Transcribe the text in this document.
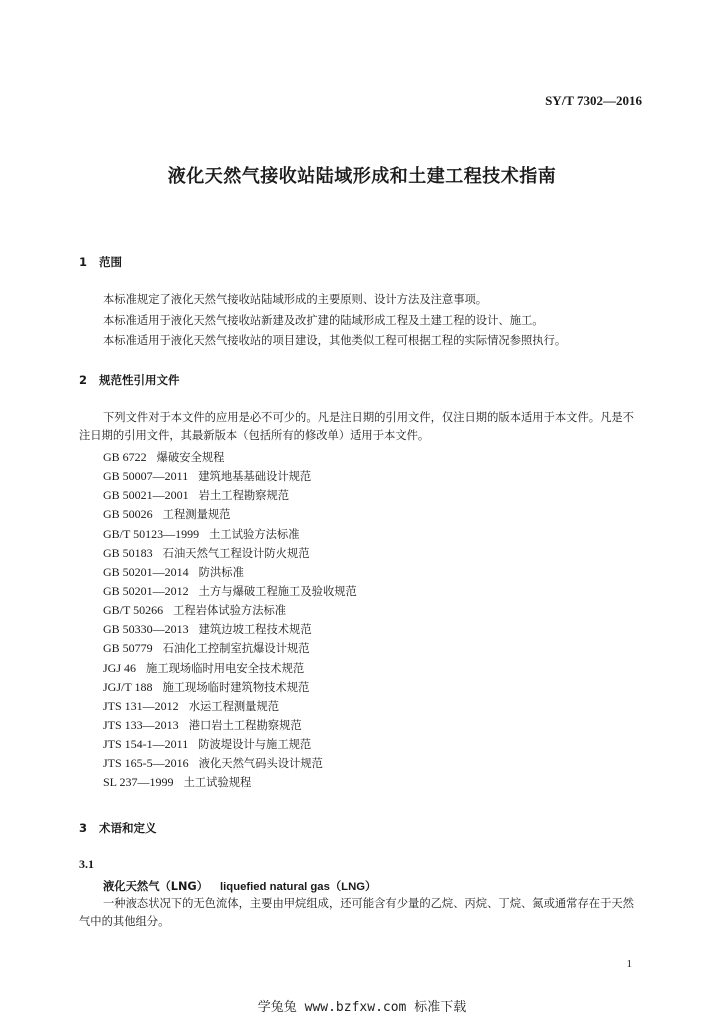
SY/T 7302—2016
液化天然气接收站陆域形成和土建工程技术指南
1 范围

本标准规定了液化天然气接收站陆域形成的主要原则、设计方法及注意事项。

本标准适用于液化天然气接收站新建及改扩建的陆域形成工程及土建工程的设计、施工。

本标准适用于液化天然气接收站的项目建设，其他类似工程可根据工程的实际情况参照执行。

2 规范性引用文件

下列文件对于本文件的应用是必不可少的。凡是注日期的引用文件，仅注日期的版本适用于本文件。凡是不注日期的引用文件，其最新版本（包括所有的修改单）适用于本文件。

GB 6722 爆破安全规程
GB 50007—2011 建筑地基基础设计规范
GB 50021—2001 岩土工程勘察规范
GB 50026 工程测量规范
GB/T 50123—1999 土工试验方法标准
GB 50183 石油天然气工程设计防火规范
GB 50201—2014 防洪标准
GB 50201—2012 土方与爆破工程施工及验收规范
GB/T 50266 工程岩体试验方法标准
GB 50330—2013 建筑边坡工程技术规范
GB 50779 石油化工控制室抗爆设计规范
JGJ 46 施工现场临时用电安全技术规范
JGJ/T 188 施工现场临时建筑物技术规范
JTS 131—2012 水运工程测量规范
JTS 133—2013 港口岩土工程勘察规范
JTS 154-1—2011 防波堤设计与施工规范
JTS 165-5—2016 液化天然气码头设计规范
SL 237—1999 土工试验规程
3 术语和定义
3.1
液化天然气（LNG） liquefied natural gas（LNG）

一种液态状况下的无色流体，主要由甲烷组成，还可能含有少量的乙烷、丙烷、丁烷、氮或通常存在于天然气中的其他组分。

1
学兔兔 www.bzfxw.com 标准下载
